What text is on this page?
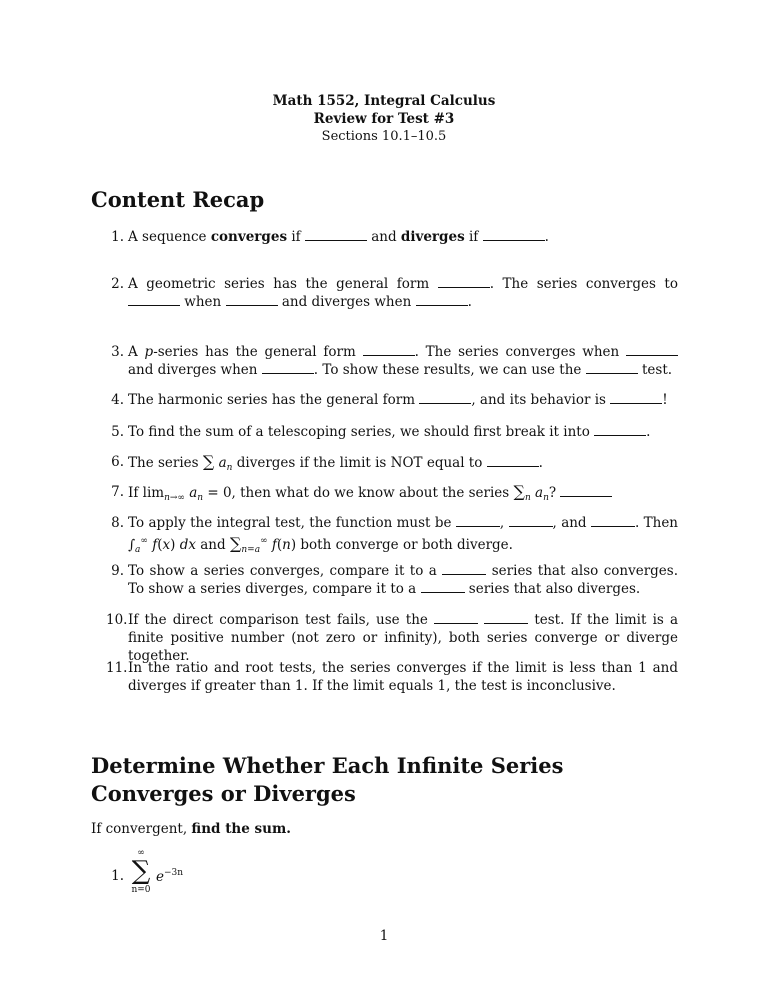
Math 1552, Integral Calculus
Review for Test #3
Sections 10.1–10.5
Content Recap
1. A sequence converges if	and diverges if	.
2. A geometric series has the general form	. The series converges to  when	and diverges when	.
3. A p-series has the general form	. The series converges when  and diverges when	. To show these results, we can use the	test.
4. The harmonic series has the general form	, and its behavior is	!
5. To find the sum of a telescoping series, we should first break it into	.
6. The series ∑ $a_n$ diverges if the limit is NOT equal to	.
7. If $\lim_{n\to\infty} a_n = 0$, then what do we know about the series $\sum_n$ $a_n$?
8. To apply the integral test, the function must be	,	, and	. Then $\int_a^\infty$ f(x) dx and $\sum_{n=a}^\infty$ f(n) both converge or both diverge.
9. To show a series converges, compare it to a	series that also converges. To show a series diverges, compare it to a	series that also diverges.
10. If the direct comparison test fails, use the	test. If the limit is a finite positive number (not zero or infinity), both series converge or diverge together.
11. In the ratio and root tests, the series converges if the limit is less than 1 and diverges if greater than 1. If the limit equals 1, the test is inconclusive.
Determine Whether Each Infinite Series Converges or Diverges
If convergent, find the sum.
1.
∞
∑
n=0
$e^{-3n}$
1
